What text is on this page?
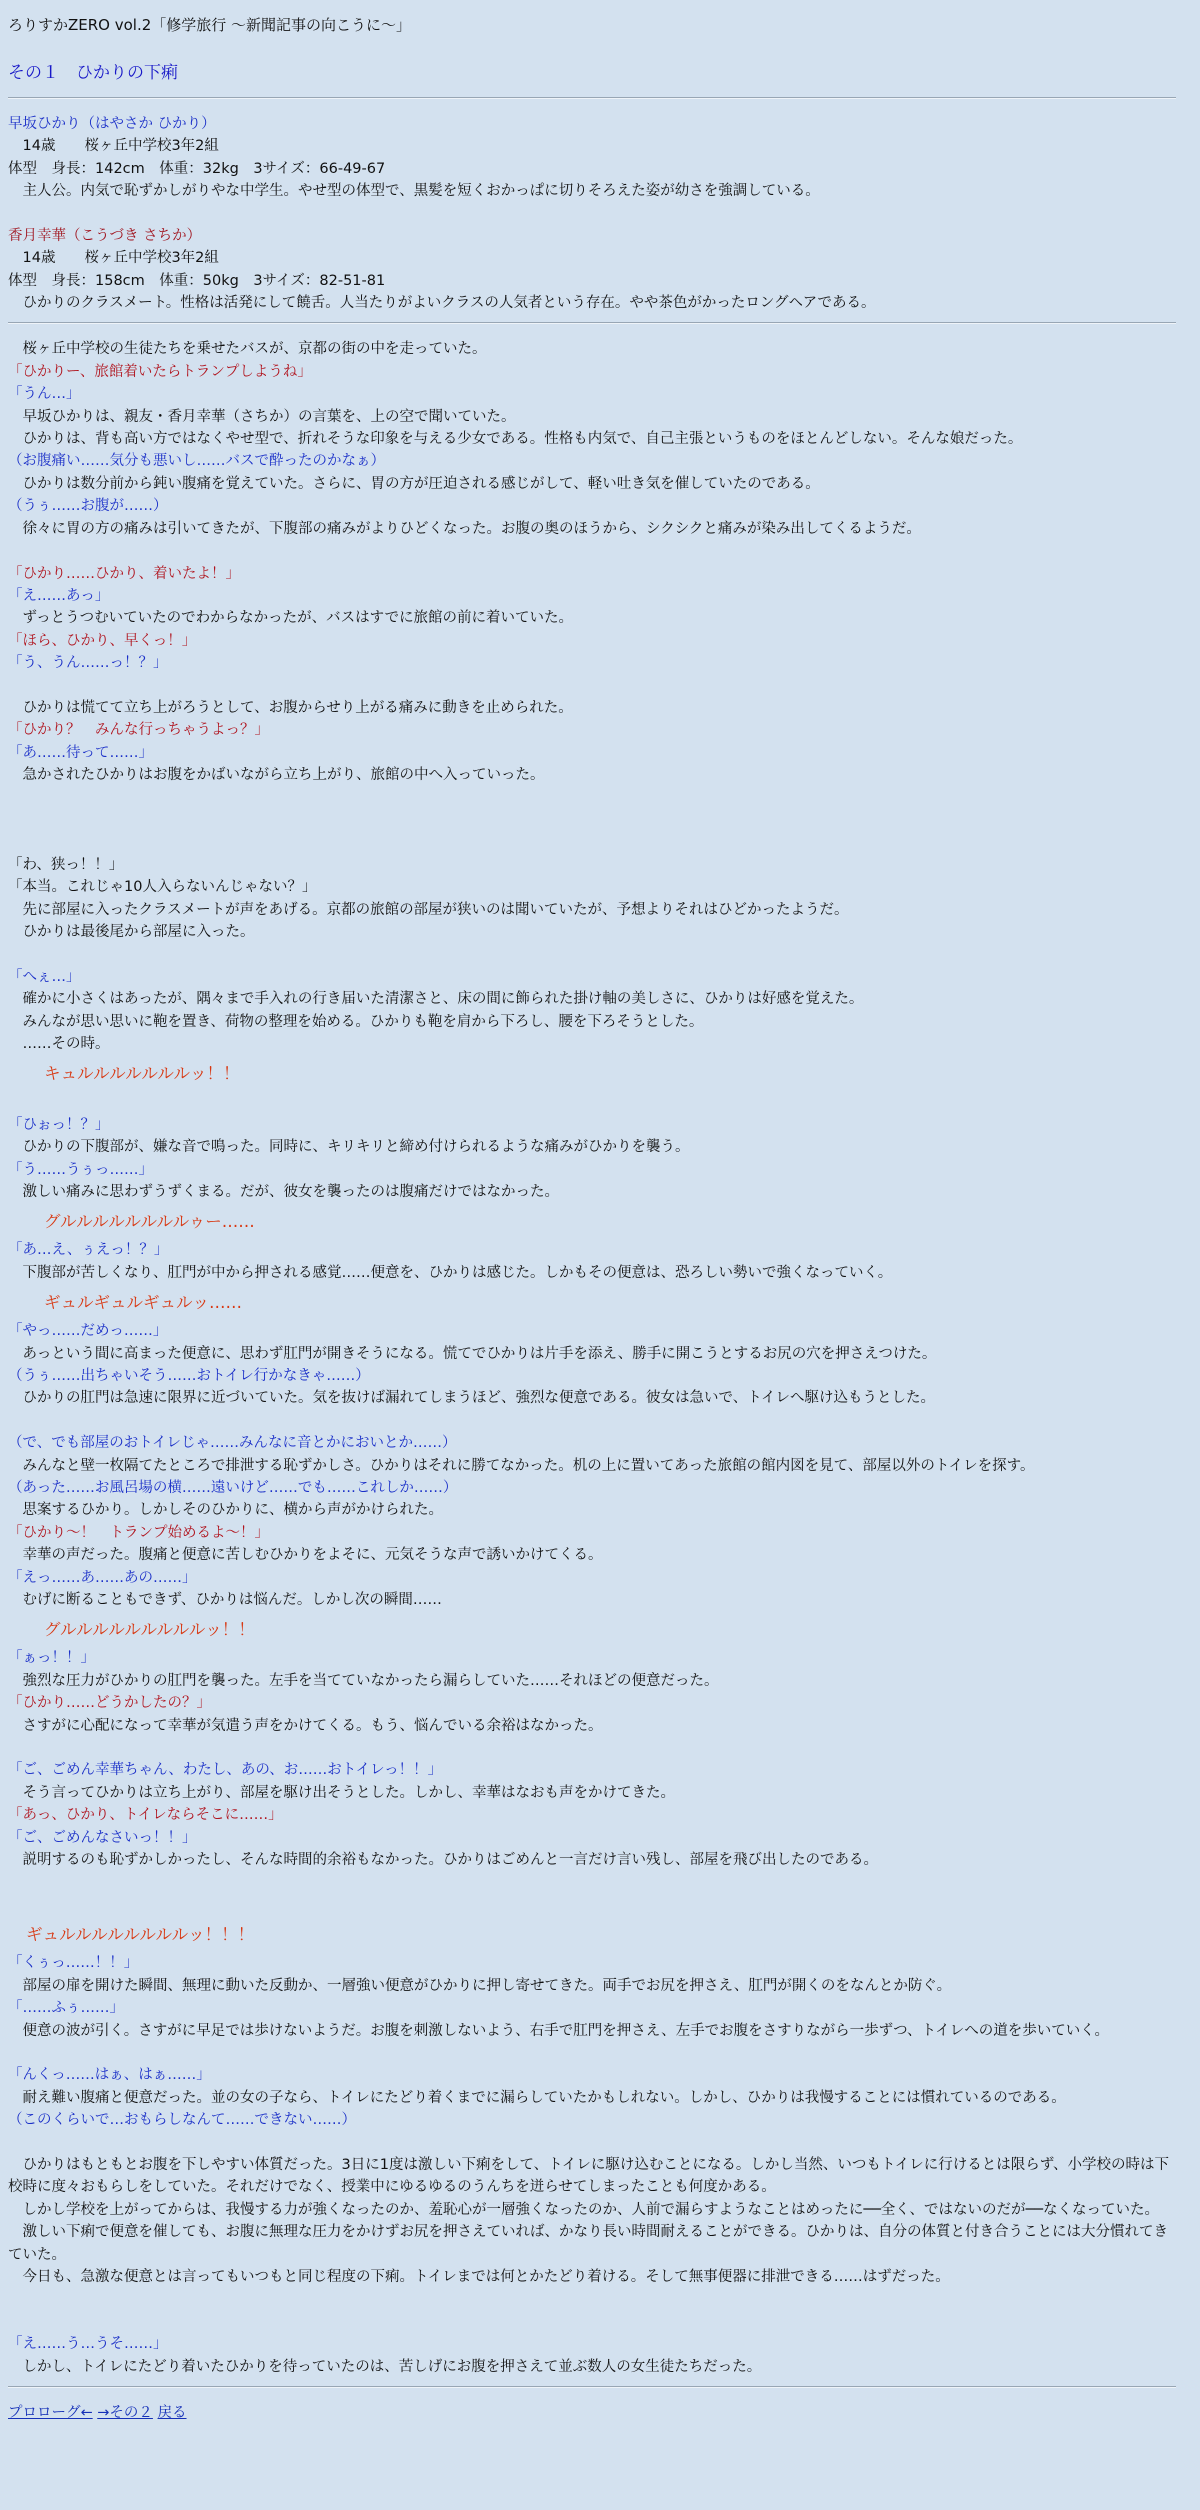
ろりすかZERO vol.2「修学旅行 〜新聞記事の向こうに〜」

その１　ひかりの下痢

早坂ひかり（はやさか ひかり）

　14歳　　桜ヶ丘中学校3年2組

体型　身長：142cm　体重：32kg　3サイズ：66-49-67

　主人公。内気で恥ずかしがりやな中学生。やせ型の体型で、黒髪を短くおかっぱに切りそろえた姿が幼さを強調している。

香月幸華（こうづき さちか）

　14歳　　桜ヶ丘中学校3年2組

体型　身長：158cm　体重：50kg　3サイズ：82-51-81

　ひかりのクラスメート。性格は活発にして饒舌。人当たりがよいクラスの人気者という存在。やや茶色がかったロングヘアである。

　桜ヶ丘中学校の生徒たちを乗せたバスが、京都の街の中を走っていた。

「ひかりー、旅館着いたらトランプしようね」

「うん…」

　早坂ひかりは、親友・香月幸華（さちか）の言葉を、上の空で聞いていた。

　ひかりは、背も高い方ではなくやせ型で、折れそうな印象を与える少女である。性格も内気で、自己主張というものをほとんどしない。そんな娘だった。

（お腹痛い……気分も悪いし……バスで酔ったのかなぁ）

　ひかりは数分前から鈍い腹痛を覚えていた。さらに、胃の方が圧迫される感じがして、軽い吐き気を催していたのである。

（うぅ……お腹が……）

　徐々に胃の方の痛みは引いてきたが、下腹部の痛みがよりひどくなった。お腹の奥のほうから、シクシクと痛みが染み出してくるようだ。

「ひかり……ひかり、着いたよ！」

「え……あっ」

　ずっとうつむいていたのでわからなかったが、バスはすでに旅館の前に着いていた。

「ほら、ひかり、早くっ！」

「う、うん……っ！？」

　ひかりは慌てて立ち上がろうとして、お腹からせり上がる痛みに動きを止められた。

「ひかり？　みんな行っちゃうよっ？」

「あ……待って……」

　急かされたひかりはお腹をかばいながら立ち上がり、旅館の中へ入っていった。

「わ、狭っ！！」

「本当。これじゃ10人入らないんじゃない？」

　先に部屋に入ったクラスメートが声をあげる。京都の旅館の部屋が狭いのは聞いていたが、予想よりそれはひどかったようだ。

　ひかりは最後尾から部屋に入った。

「へぇ…」

　確かに小さくはあったが、隅々まで手入れの行き届いた清潔さと、床の間に飾られた掛け軸の美しさに、ひかりは好感を覚えた。

　みんなが思い思いに鞄を置き、荷物の整理を始める。ひかりも鞄を肩から下ろし、腰を下ろそうとした。

　……その時。

キュルルルルルルルッ！！

「ひぉっ！？」

　ひかりの下腹部が、嫌な音で鳴った。同時に、キリキリと締め付けられるような痛みがひかりを襲う。

「う……うぅっ……」

　激しい痛みに思わずうずくまる。だが、彼女を襲ったのは腹痛だけではなかった。

グルルルルルルルルゥー……

「あ…え、ぅえっ！？」

　下腹部が苦しくなり、肛門が中から押される感覚……便意を、ひかりは感じた。しかもその便意は、恐ろしい勢いで強くなっていく。

ギュルギュルギュルッ……

「やっ……だめっ……」

　あっという間に高まった便意に、思わず肛門が開きそうになる。慌てでひかりは片手を添え、勝手に開こうとするお尻の穴を押さえつけた。

（うぅ……出ちゃいそう……おトイレ行かなきゃ……）

　ひかりの肛門は急速に限界に近づいていた。気を抜けば漏れてしまうほど、強烈な便意である。彼女は急いで、トイレへ駆け込もうとした。

（で、でも部屋のおトイレじゃ……みんなに音とかにおいとか……）

　みんなと壁一枚隔てたところで排泄する恥ずかしさ。ひかりはそれに勝てなかった。机の上に置いてあった旅館の館内図を見て、部屋以外のトイレを探す。

（あった……お風呂場の横……遠いけど……でも……これしか……）

　思案するひかり。しかしそのひかりに、横から声がかけられた。

「ひかり〜！　トランプ始めるよ〜！」

　幸華の声だった。腹痛と便意に苦しむひかりをよそに、元気そうな声で誘いかけてくる。

「えっ……あ……あの……」

　むげに断ることもできず、ひかりは悩んだ。しかし次の瞬間……

グルルルルルルルルルッ！！

「ぁっ！！」

　強烈な圧力がひかりの肛門を襲った。左手を当てていなかったら漏らしていた……それほどの便意だった。

「ひかり……どうかしたの？」

　さすがに心配になって幸華が気遣う声をかけてくる。もう、悩んでいる余裕はなかった。

「ご、ごめん幸華ちゃん、わたし、あの、お……おトイレっ！！」

　そう言ってひかりは立ち上がり、部屋を駆け出そうとした。しかし、幸華はなおも声をかけてきた。

「あっ、ひかり、トイレならそこに……」

「ご、ごめんなさいっ！！」

　説明するのも恥ずかしかったし、そんな時間的余裕もなかった。ひかりはごめんと一言だけ言い残し、部屋を飛び出したのである。

ギュルルルルルルルルッ！！！

「くぅっ……！！」

　部屋の扉を開けた瞬間、無理に動いた反動か、一層強い便意がひかりに押し寄せてきた。両手でお尻を押さえ、肛門が開くのをなんとか防ぐ。

「……ふぅ……」

　便意の波が引く。さすがに早足では歩けないようだ。お腹を刺激しないよう、右手で肛門を押さえ、左手でお腹をさすりながら一歩ずつ、トイレへの道を歩いていく。

「んくっ……はぁ、はぁ……」

　耐え難い腹痛と便意だった。並の女の子なら、トイレにたどり着くまでに漏らしていたかもしれない。しかし、ひかりは我慢することには慣れているのである。

（このくらいで…おもらしなんて……できない……）

　ひかりはもともとお腹を下しやすい体質だった。3日に1度は激しい下痢をして、トイレに駆け込むことになる。しかし当然、いつもトイレに行けるとは限らず、小学校の時は下校時に度々おもらしをしていた。それだけでなく、授業中にゆるゆるのうんちを迸らせてしまったことも何度かある。

　しかし学校を上がってからは、我慢する力が強くなったのか、羞恥心が一層強くなったのか、人前で漏らすようなことはめったに──全く、ではないのだが──なくなっていた。

　激しい下痢で便意を催しても、お腹に無理な圧力をかけずお尻を押さえていれば、かなり長い時間耐えることができる。ひかりは、自分の体質と付き合うことには大分慣れてきていた。

　今日も、急激な便意とは言ってもいつもと同じ程度の下痢。トイレまでは何とかたどり着ける。そして無事便器に排泄できる……はずだった。

「え……う…うそ……」

　しかし、トイレにたどり着いたひかりを待っていたのは、苦しげにお腹を押さえて並ぶ数人の女生徒たちだった。

プロローグ← →その２ 戻る
